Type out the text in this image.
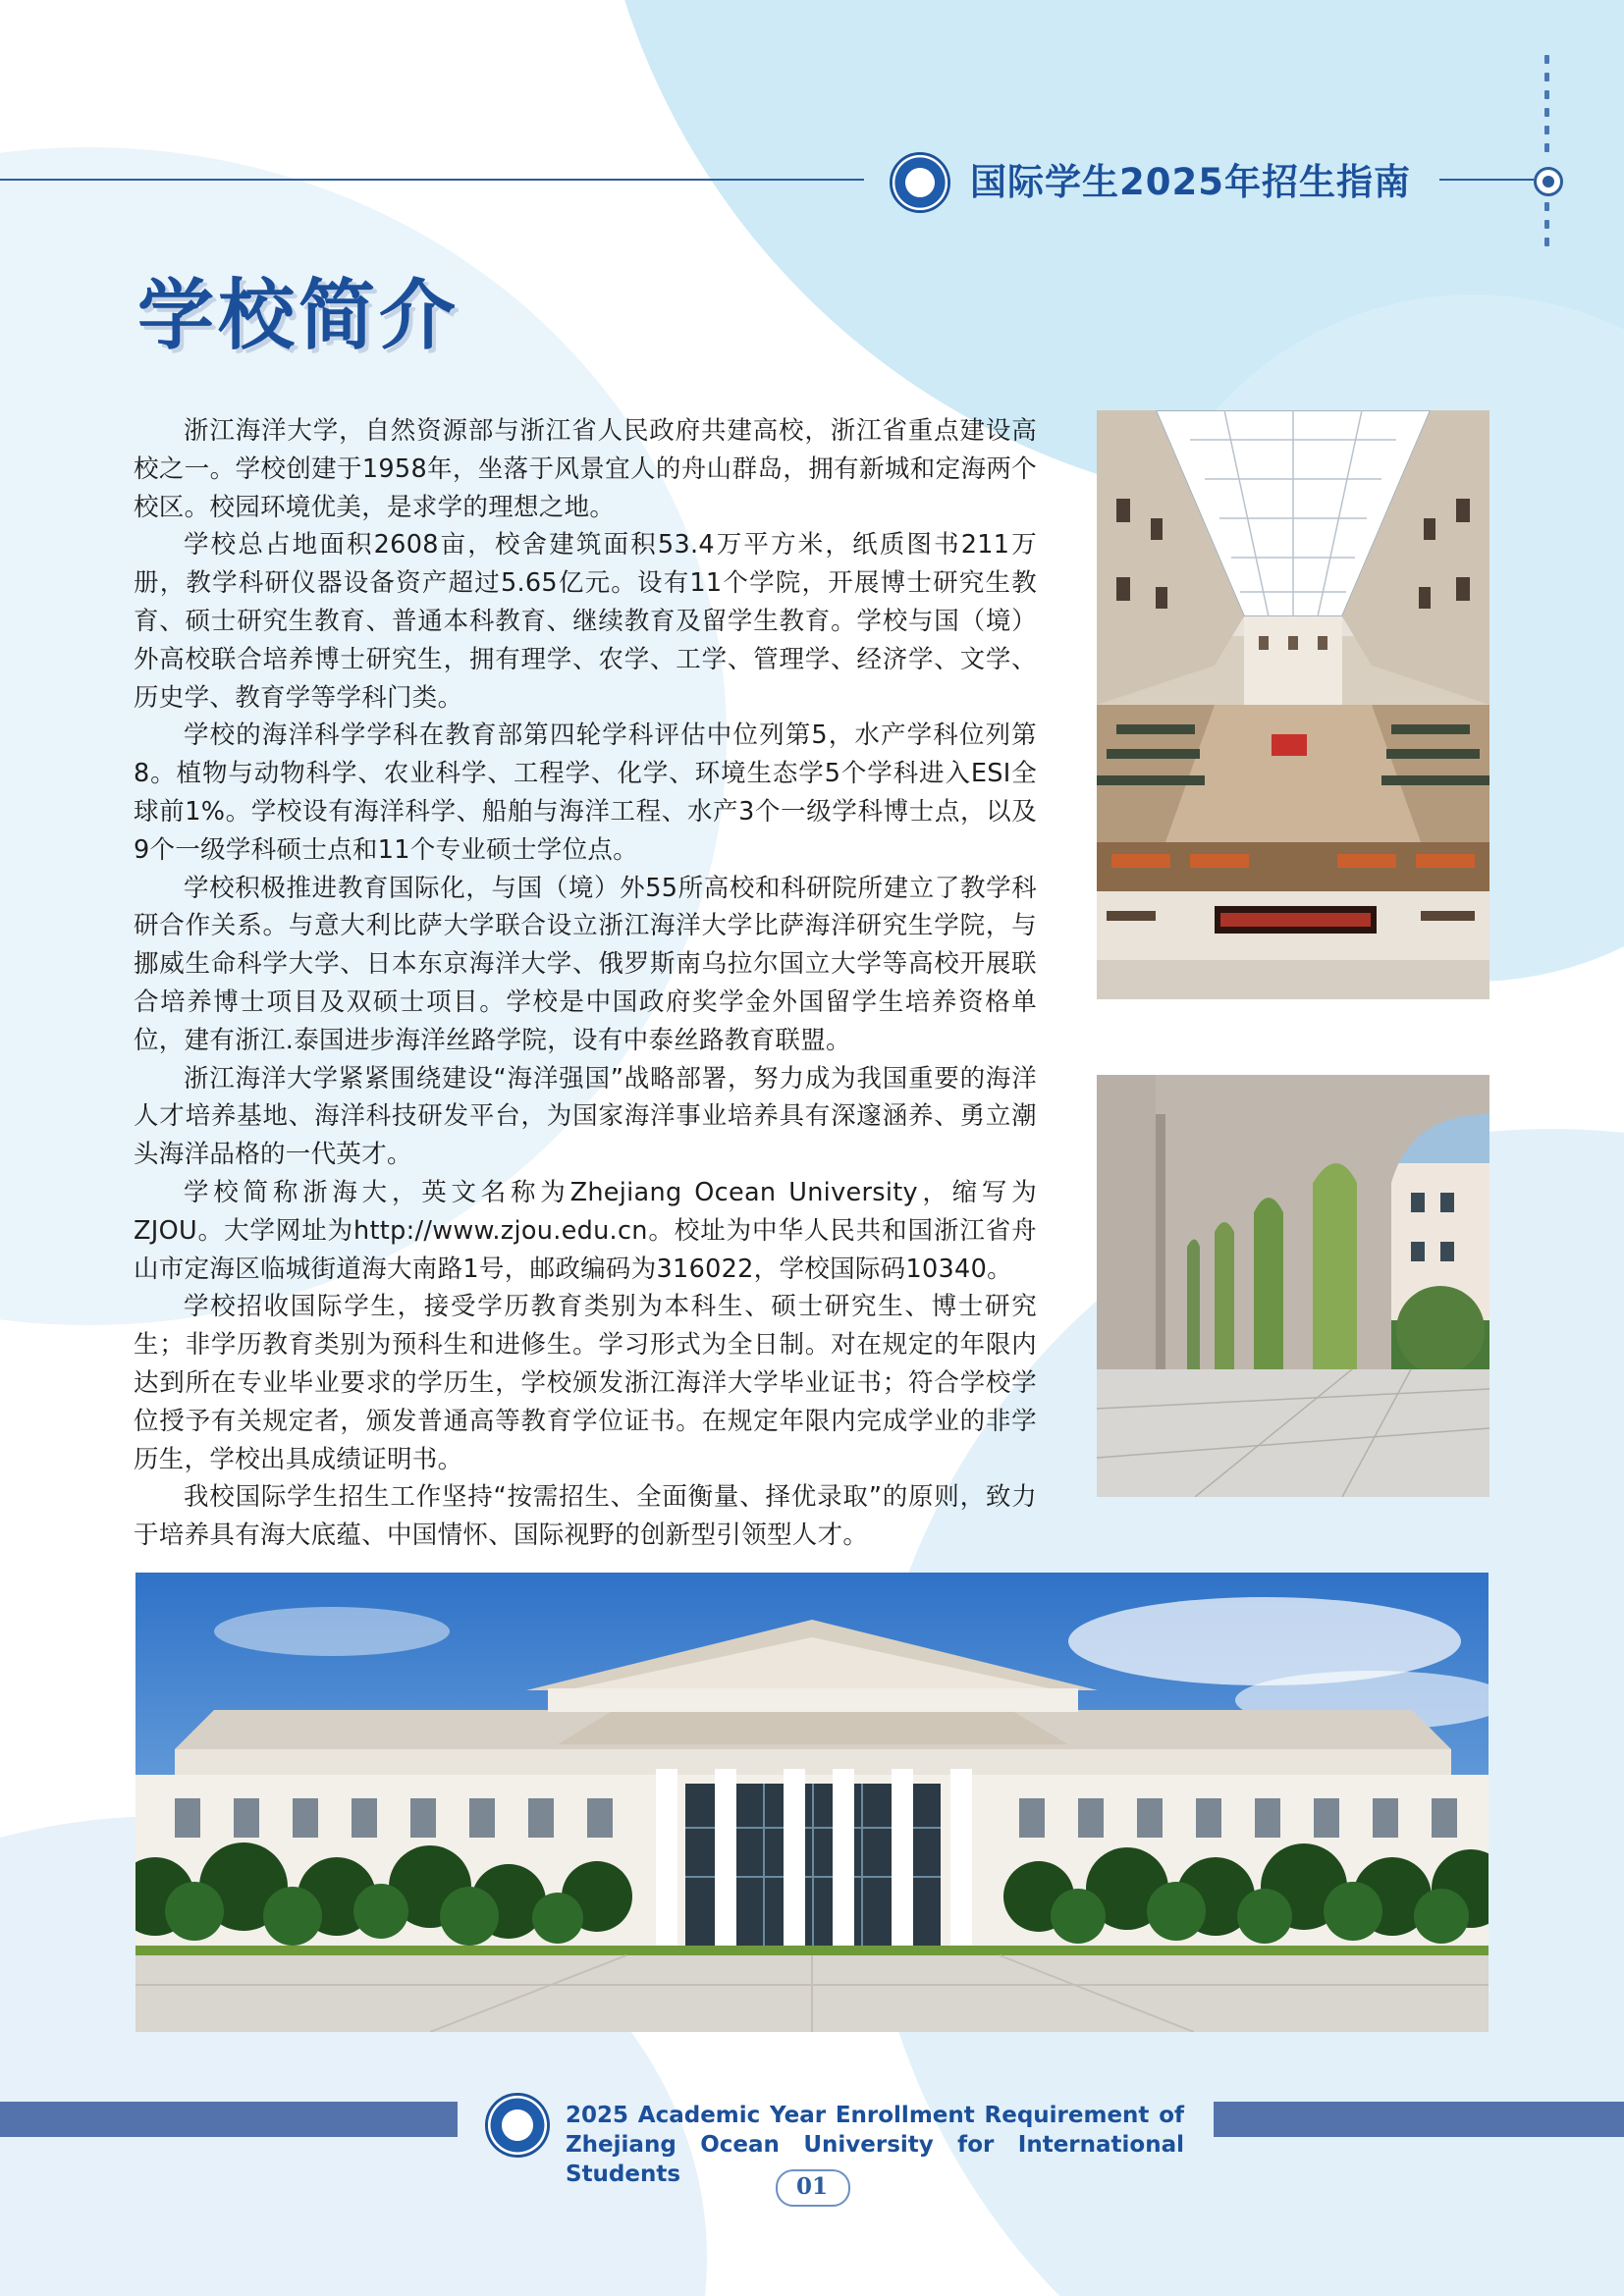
国际学生2025年招生指南
学校简介

浙江海洋大学，自然资源部与浙江省人民政府共建高校，浙江省重点建设高校之一。学校创建于1958年，坐落于风景宜人的舟山群岛，拥有新城和定海两个校区。校园环境优美，是求学的理想之地。

学校总占地面积2608亩，校舍建筑面积53.4万平方米，纸质图书211万册，教学科研仪器设备资产超过5.65亿元。设有11个学院，开展博士研究生教育、硕士研究生教育、普通本科教育、继续教育及留学生教育。学校与国（境）外高校联合培养博士研究生，拥有理学、农学、工学、管理学、经济学、文学、历史学、教育学等学科门类。

学校的海洋科学学科在教育部第四轮学科评估中位列第5，水产学科位列第8。植物与动物科学、农业科学、工程学、化学、环境生态学5个学科进入ESI全球前1%。学校设有海洋科学、船舶与海洋工程、水产3个一级学科博士点，以及9个一级学科硕士点和11个专业硕士学位点。

学校积极推进教育国际化，与国（境）外55所高校和科研院所建立了教学科研合作关系。与意大利比萨大学联合设立浙江海洋大学比萨海洋研究生学院，与挪威生命科学大学、日本东京海洋大学、俄罗斯南乌拉尔国立大学等高校开展联合培养博士项目及双硕士项目。学校是中国政府奖学金外国留学生培养资格单位，建有浙江.泰国进步海洋丝路学院，设有中泰丝路教育联盟。

浙江海洋大学紧紧围绕建设“海洋强国”战略部署，努力成为我国重要的海洋人才培养基地、海洋科技研发平台，为国家海洋事业培养具有深邃涵养、勇立潮头海洋品格的一代英才。

学校简称浙海大，英文名称为Zhejiang Ocean University，缩写为ZJOU。大学网址为http://www.zjou.edu.cn。校址为中华人民共和国浙江省舟山市定海区临城街道海大南路1号，邮政编码为316022，学校国际码10340。

学校招收国际学生，接受学历教育类别为本科生、硕士研究生、博士研究生；非学历教育类别为预科生和进修生。学习形式为全日制。对在规定的年限内达到所在专业毕业要求的学历生，学校颁发浙江海洋大学毕业证书；符合学校学位授予有关规定者，颁发普通高等教育学位证书。在规定年限内完成学业的非学历生，学校出具成绩证明书。

我校国际学生招生工作坚持“按需招生、全面衡量、择优录取”的原则，致力于培养具有海大底蕴、中国情怀、国际视野的创新型引领型人才。

2025 Academic Year Enrollment Requirement of
Zhejiang Ocean University for International Students	01
